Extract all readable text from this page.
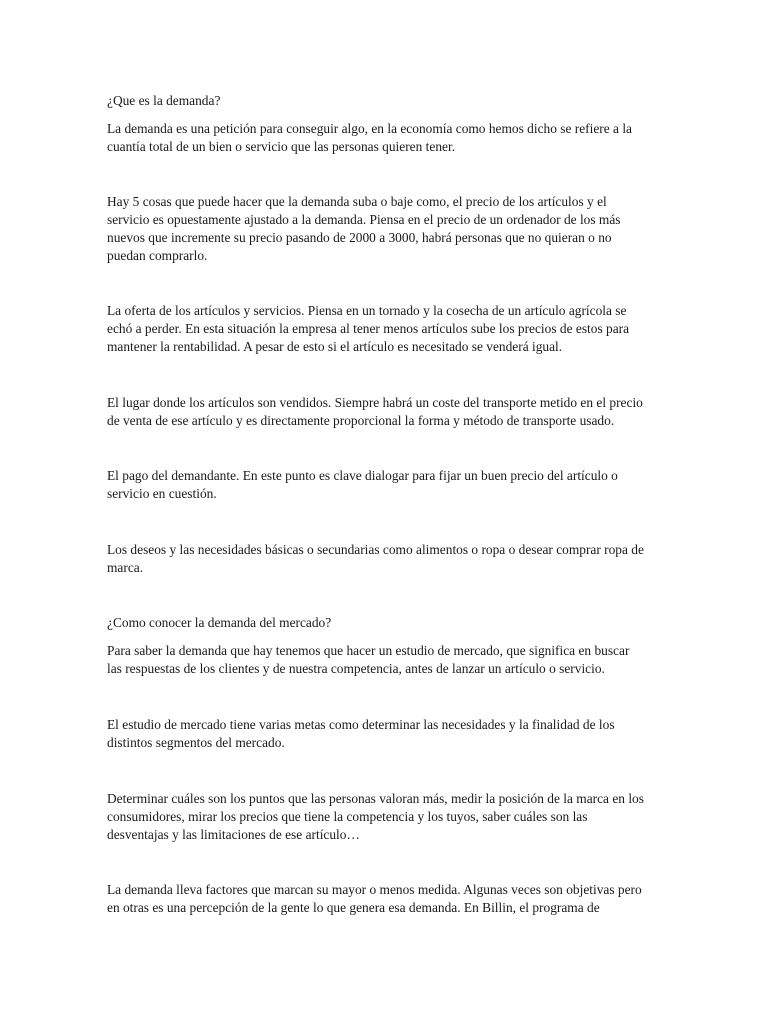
¿Que es la demanda?

La demanda es una petición para conseguir algo, en la economía como hemos dicho se refiere a la
cuantía total de un bien o servicio que las personas quieren tener.

Hay 5 cosas que puede hacer que la demanda suba o baje como, el precio de los artículos y el
servicio es opuestamente ajustado a la demanda. Piensa en el precio de un ordenador de los más
nuevos que incremente su precio pasando de 2000 a 3000, habrá personas que no quieran o no
puedan comprarlo.

La oferta de los artículos y servicios. Piensa en un tornado y la cosecha de un artículo agrícola se
echó a perder. En esta situación la empresa al tener menos artículos sube los precios de estos para
mantener la rentabilidad. A pesar de esto si el artículo es necesitado se venderá igual.

El lugar donde los artículos son vendidos. Siempre habrá un coste del transporte metido en el precio
de venta de ese artículo y es directamente proporcional la forma y método de transporte usado.

El pago del demandante. En este punto es clave dialogar para fijar un buen precio del artículo o
servicio en cuestión.

Los deseos y las necesidades básicas o secundarias como alimentos o ropa o desear comprar ropa de
marca.

¿Como conocer la demanda del mercado?

Para saber la demanda que hay tenemos que hacer un estudio de mercado, que significa en buscar
las respuestas de los clientes y de nuestra competencia, antes de lanzar un artículo o servicio.

El estudio de mercado tiene varias metas como determinar las necesidades y la finalidad de los
distintos segmentos del mercado.

Determinar cuáles son los puntos que las personas valoran más, medir la posición de la marca en los
consumidores, mirar los precios que tiene la competencia y los tuyos, saber cuáles son las
desventajas y las limitaciones de ese artículo…

La demanda lleva factores que marcan su mayor o menos medida. Algunas veces son objetivas pero
en otras es una percepción de la gente lo que genera esa demanda. En Billin, el programa de
